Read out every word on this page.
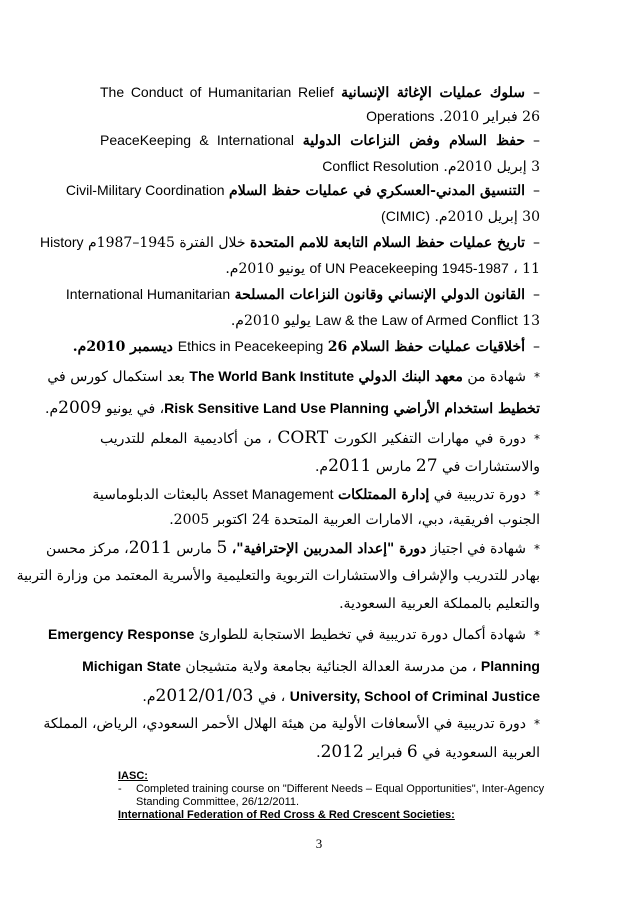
–سلوك عمليات الإغاثة الإنسانية The Conduct of Humanitarian Relief
26 فبراير 2010. Operations
–حفظ السلام وفض النزاعات الدولية PeaceKeeping & International
3 إبريل 2010م. Conflict Resolution
–التنسيق المدني-العسكري في عمليات حفظ السلام Civil-Military Coordination
30 إبريل 2010م. (CIMIC)
–تاريخ عمليات حفظ السلام التابعة للامم المتحدة خلال الفترة 1945–1987م History
of UN Peacekeeping 1945-1987 ، 11 يونيو 2010م.
–القانون الدولي الإنساني وقانون النزاعات المسلحة International Humanitarian
Law & the Law of Armed Conflict 13 يوليو 2010م.
–أخلاقيات عمليات حفظ السلام Ethics in Peacekeeping 26 ديسمبر 2010م.
*شهادة من معهد البنك الدولي The World Bank Institute بعد استكمال كورس في
تخطيط استخدام الأراضي Risk Sensitive Land Use Planning، في يونيو 2009م.
*دورة في مهارات التفكير الكورت CORT ، من أكاديمية المعلم للتدريب
والاستشارات في 27 مارس 2011م.
*دورة تدريبية في إدارة الممتلكات Asset Management بالبعثات الدبلوماسية
الجنوب افريقية، دبي، الامارات العربية المتحدة 24 اكتوبر 2005.
*شهادة في اجتياز دورة "إعداد المدربين الإحترافية"، 5 مارس 2011، مركز محسن
بهادر للتدريب والإشراف والاستشارات التربوية والتعليمية والأسرية المعتمد من وزارة التربية
والتعليم بالمملكة العربية السعودية.
*شهادة أكمال دورة تدريبية في تخطيط الاستجابة للطوارئ Emergency Response
Planning ، من مدرسة العدالة الجنائية بجامعة ولاية متشيجان Michigan State
University, School of Criminal Justice ، في 2012/01/03م.
*دورة تدريبية في الأسعافات الأولية من هيئة الهلال الأحمر السعودي، الرياض، المملكة
العربية السعودية في 6 فبراير 2012.
IASC:
- Completed training course on "Different Needs – Equal Opportunities", Inter-Agency Standing Committee, 26/12/2011.
International Federation of Red Cross & Red Crescent Societies:
3
